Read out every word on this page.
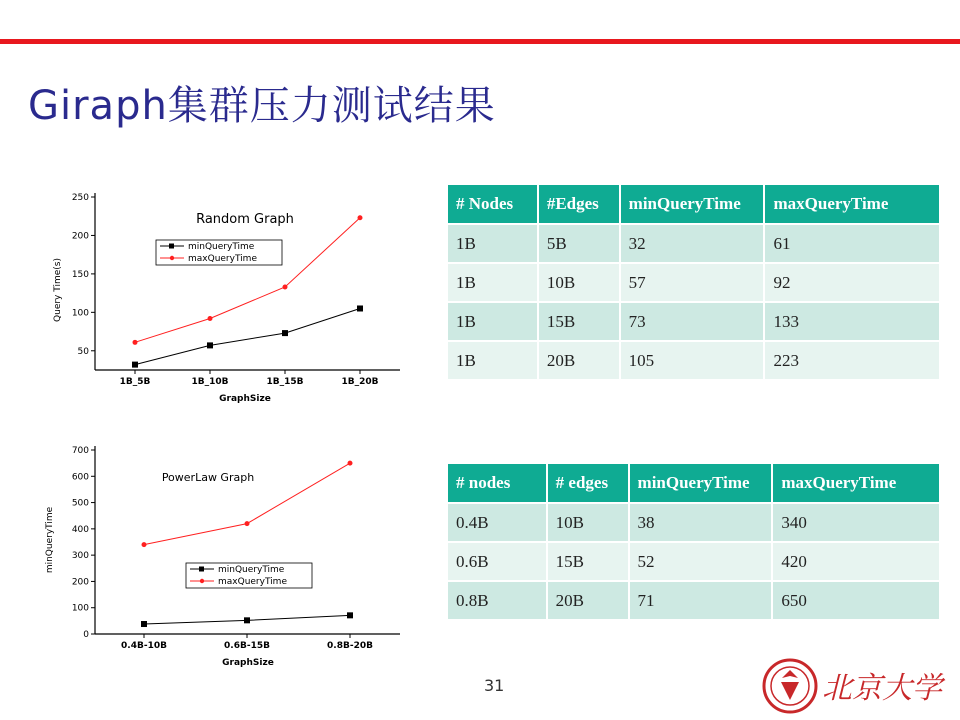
Giraph集群压力测试结果
Random Graph
Query Time(s)
GraphSize
50
100
150
200
250
1B_5B	1B_10B	1B_15B	1B_20B
minQueryTime
maxQueryTime
PowerLaw Graph
minQueryTime
GraphSize
0
100
200
300
400
500
600
700
0.4B-10B	0.6B-15B	0.8B-20B
minQueryTime
maxQueryTime
# Nodes	#Edges	minQueryTime	maxQueryTime
1B	5B	32	61
1B	10B	57	92
1B	15B	73	133
1B	20B	105	223
# nodes	# edges	minQueryTime	maxQueryTime
0.4B	10B	38	340
0.6B	15B	52	420
0.8B	20B	71	650
31	北京大学
